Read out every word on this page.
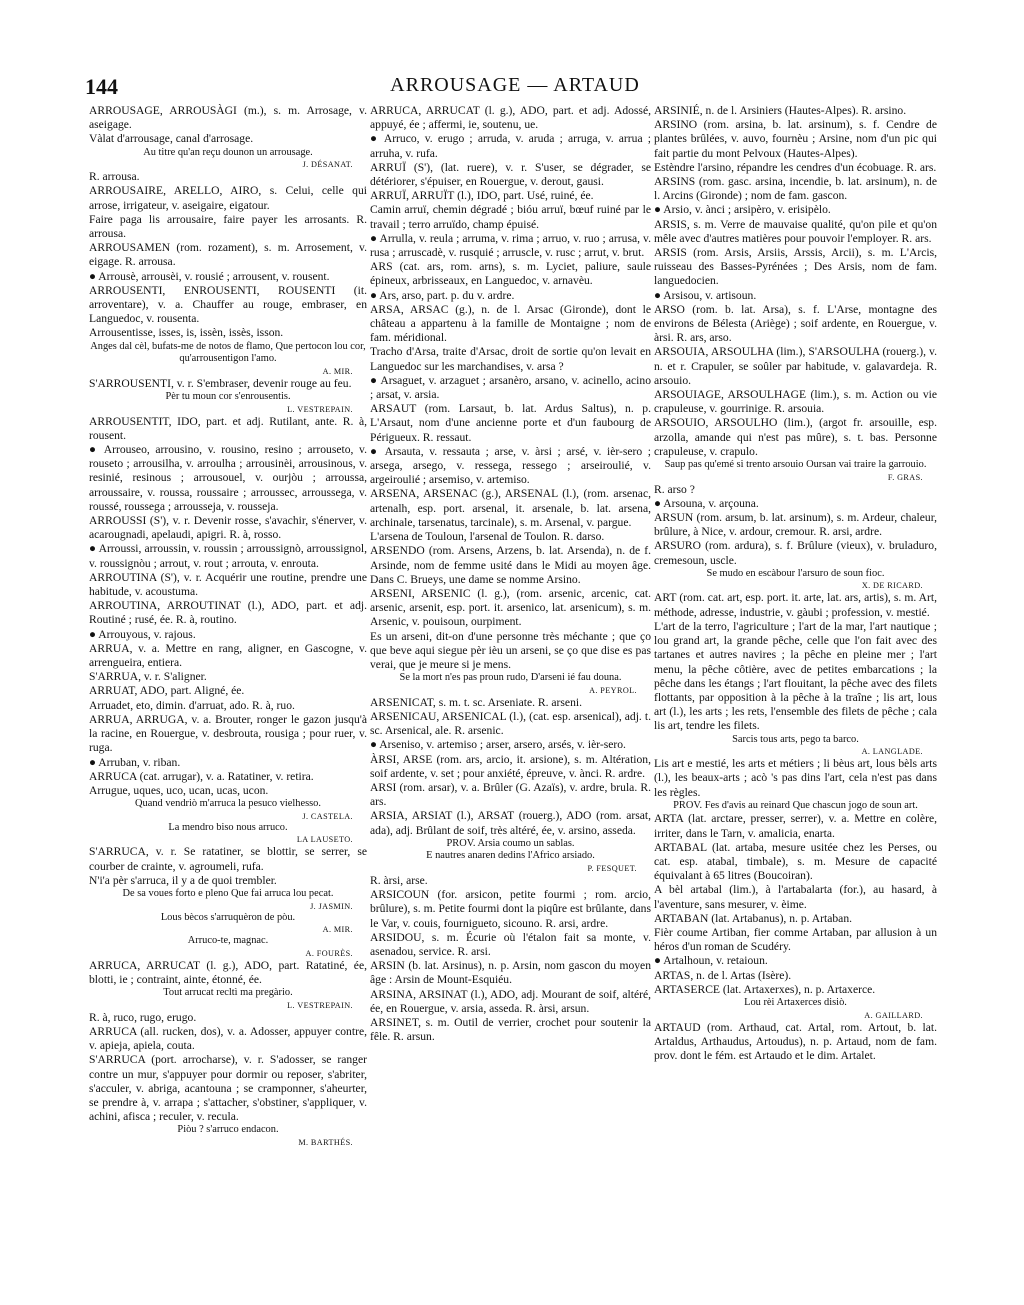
144	ARROUSAGE — ARTAUD

ARROUSAGE, ARROUSÀGI (m.), s. m. Arrosage, v. aseigage.

Vàlat d'arrousage, canal d'arrosage.

Au titre qu'an reçu dounon un arrousage.

J. DÉSANAT.

R. arrousa.

ARROUSAIRE, ARELLO, AIRO, s. Celui, celle qui arrose, irrigateur, v. aseigaire, eigatour.

Faire paga lis arrousaire, faire payer les arrosants. R. arrousa.

ARROUSAMEN (rom. rozament), s. m. Arrosement, v. eigage. R. arrousa.

● Arrousè, arrousèi, v. rousié ; arrousent, v. rousent.

ARROUSENTI, ENROUSENTI, ROUSENTI (it. arroventare), v. a. Chauffer au rouge, embraser, en Languedoc, v. rousenta.

Arrousentisse, isses, is, issèn, issès, isson.

Anges dal cèl, bufats-me de notos de flamo, Que pertocon lou cor, qu'arrousentigon l'amo.

A. MIR.

S'ARROUSENTI, v. r. S'embraser, devenir rouge au feu.

Pèr tu moun cor s'enrousentis.

L. VESTREPAIN.

ARROUSENTIT, IDO, part. et adj. Rutilant, ante. R. à, rousent.

● Arrouseo, arrousino, v. rousino, resino ; arrouseto, v. rouseto ; arrousilha, v. arroulha ; arrousinèi, arrousinous, v. resinié, resinous ; arrousouel, v. ourjòu ; arroussa, arroussaire, v. roussa, roussaire ; arroussec, arroussega, v. roussé, roussega ; arrousseja, v. rousseja.

ARROUSSI (S'), v. r. Devenir rosse, s'avachir, s'énerver, v. acarougnadi, apelaudi, apigri. R. à, rosso.

● Arroussi, arroussin, v. roussin ; arroussignò, arroussignol, v. roussignòu ; arrout, v. rout ; arrouta, v. enrouta.

ARROUTINA (S'), v. r. Acquérir une routine, prendre une habitude, v. acoustuma.

ARROUTINA, ARROUTINAT (l.), ADO, part. et adj. Routiné ; rusé, ée. R. à, routino.

● Arrouyous, v. rajous.

ARRUA, v. a. Mettre en rang, aligner, en Gascogne, v. arrengueira, entiera.

S'ARRUA, v. r. S'aligner.

ARRUAT, ADO, part. Aligné, ée.

Arruadet, eto, dimin. d'arruat, ado. R. à, ruo.

ARRUA, ARRUGA, v. a. Brouter, ronger le gazon jusqu'à la racine, en Rouergue, v. desbrouta, rousiga ; pour ruer, v. ruga.

● Arruban, v. riban.

ARRUCA (cat. arrugar), v. a. Ratatiner, v. retira.

Arrugue, uques, uco, ucan, ucas, ucon.

Quand vendriò m'arruca la pesuco vielhesso.

J. CASTELA.

La mendro biso nous arruco.

LA LAUSETO.

S'ARRUCA, v. r. Se ratatiner, se blottir, se serrer, se courber de crainte, v. agroumeli, rufa.

N'i'a pèr s'arruca, il y a de quoi trembler.

De sa voues forto e pleno Que fai arruca lou pecat.

J. JASMIN.

Lous bècos s'arruquèron de pòu.

A. MIR.

Arruco-te, magnac.

A. FOURÈS.

ARRUCA, ARRUCAT (l. g.), ADO, part. Ratatiné, ée, blotti, ie ; contraint, ainte, étonné, ée.

Tout arrucat recltì ma pregàrio.

L. VESTREPAIN.

R. à, ruco, rugo, erugo.

ARRUCA (all. rucken, dos), v. a. Adosser, appuyer contre, v. apieja, apiela, couta.

S'ARRUCA (port. arrocharse), v. r. S'adosser, se ranger contre un mur, s'appuyer pour dormir ou reposer, s'abriter, s'acculer, v. abriga, acantouna ; se cramponner, s'aheurter, se prendre à, v. arrapa ; s'attacher, s'obstiner, s'appliquer, v. achini, afisca ; reculer, v. recula.

Piòu ? s'arruco endacon.

M. BARTHÉS.

ARRUCA, ARRUCAT (l. g.), ADO, part. et adj. Adossé, appuyé, ée ; affermi, ie, soutenu, ue.

● Arruco, v. erugo ; arruda, v. aruda ; arruga, v. arrua ; arruha, v. rufa.

ARRUÏ (S'), (lat. ruere), v. r. S'user, se dégrader, se détériorer, s'épuiser, en Rouergue, v. derout, gausi.

ARRUÏ, ARRUÏT (l.), IDO, part. Usé, ruiné, ée.

Camin arruï, chemin dégradé ; bióu arruï, bœuf ruiné par le travail ; terro arruïdo, champ épuisé.

● Arrulla, v. reula ; arruma, v. rima ; arruo, v. ruo ; arrusa, v. rusa ; arruscadè, v. rusquié ; arruscle, v. rusc ; arrut, v. brut.

ARS (cat. ars, rom. arns), s. m. Lyciet, paliure, saule épineux, arbrisseaux, en Languedoc, v. arnavèu.

● Ars, arso, part. p. du v. ardre.

ARSA, ARSAC (g.), n. de l. Arsac (Gironde), dont le château a appartenu à la famille de Montaigne ; nom de fam. méridional.

Tracho d'Arsa, traite d'Arsac, droit de sortie qu'on levait en Languedoc sur les marchandises, v. arsa ?

● Arsaguet, v. arzaguet ; arsanèro, arsano, v. acinello, acino ; arsat, v. arsia.

ARSAUT (rom. Larsaut, b. lat. Ardus Saltus), n. p. L'Arsaut, nom d'une ancienne porte et d'un faubourg de Périgueux. R. ressaut.

● Arsauta, v. ressauta ; arse, v. àrsi ; arsé, v. ièr-sero ; arsega, arsego, v. ressega, ressego ; arseiroulié, v. argeiroulié ; arsemiso, v. artemiso.

ARSENA, ARSENAC (g.), ARSENAL (l.), (rom. arsenac, artenalh, esp. port. arsenal, it. arsenale, b. lat. arsena, archinale, tarsenatus, tarcinale), s. m. Arsenal, v. pargue.

L'arsena de Touloun, l'arsenal de Toulon. R. darso.

ARSENDO (rom. Arsens, Arzens, b. lat. Arsenda), n. de f. Arsinde, nom de femme usité dans le Midi au moyen âge. Dans C. Brueys, une dame se nomme Arsino.

ARSENI, ARSENIC (l. g.), (rom. arsenic, arcenic, cat. arsenic, arsenit, esp. port. it. arsenico, lat. arsenicum), s. m. Arsenic, v. pouisoun, ourpiment.

Es un arseni, dit-on d'une personne très méchante ; que ço que beve aqui siegue pèr ièu un arseni, se ço que dise es pas verai, que je meure si je mens.

Se la mort n'es pas proun rudo, D'arseni ié fau douna.

A. PEYROL.

ARSENICAT, s. m. t. sc. Arseniate. R. arseni.

ARSENICAU, ARSENICAL (l.), (cat. esp. arsenical), adj. t. sc. Arsenical, ale. R. arsenic.

● Arseniso, v. artemiso ; arser, arsero, arsés, v. ièr-sero.

ÀRSI, ARSE (rom. ars, arcio, it. arsione), s. m. Altération, soif ardente, v. set ; pour anxiété, épreuve, v. ànci. R. ardre.

ARSI (rom. arsar), v. a. Brûler (G. Azaïs), v. ardre, brula. R. ars.

ARSIA, ARSIAT (l.), ARSAT (rouerg.), ADO (rom. arsat, ada), adj. Brûlant de soif, très altéré, ée, v. arsino, asseda.

PROV. Arsia coumo un sablas.

E nautres anaren dedins l'Africo arsiado.

P. FESQUET.

R. àrsi, arse.

ARSICOUN (for. arsicon, petite fourmi ; rom. arcio, brûlure), s. m. Petite fourmi dont la piqûre est brûlante, dans le Var, v. couis, fournigueto, sicouno. R. arsi, ardre.

ARSIDOU, s. m. Écurie où l'étalon fait sa monte, v. asenadou, service. R. arsi.

ARSIN (b. lat. Arsinus), n. p. Arsin, nom gascon du moyen âge : Arsin de Mount-Esquiéu.

ARSINA, ARSINAT (l.), ADO, adj. Mourant de soif, altéré, ée, en Rouergue, v. arsia, asseda. R. àrsi, arsun.

ARSINET, s. m. Outil de verrier, crochet pour soutenir la fêle. R. arsun.

ARSINIÉ, n. de l. Arsiniers (Hautes-Alpes). R. arsino.

ARSINO (rom. arsina, b. lat. arsinum), s. f. Cendre de plantes brûlées, v. auvo, fournèu ; Arsine, nom d'un pic qui fait partie du mont Pelvoux (Hautes-Alpes).

Estèndre l'arsino, répandre les cendres d'un écobuage. R. ars.

ARSINS (rom. gasc. arsina, incendie, b. lat. arsinum), n. de l. Arcins (Gironde) ; nom de fam. gascon.

● Arsio, v. ànci ; arsipèro, v. erisipèlo.

ARSIS, s. m. Verre de mauvaise qualité, qu'on pile et qu'on mêle avec d'autres matières pour pouvoir l'employer. R. ars.

ARSIS (rom. Arsis, Arsiis, Arssis, Arcii), s. m. L'Arcis, ruisseau des Basses-Pyrénées ; Des Arsis, nom de fam. languedocien.

● Arsisou, v. artisoun.

ARSO (rom. b. lat. Arsa), s. f. L'Arse, montagne des environs de Bélesta (Ariège) ; soif ardente, en Rouergue, v. àrsi. R. ars, arso.

ARSOUIA, ARSOULHA (lim.), S'ARSOULHA (rouerg.), v. n. et r. Crapuler, se soûler par habitude, v. galavardeja. R. arsouio.

ARSOUIAGE, ARSOULHAGE (lim.), s. m. Action ou vie crapuleuse, v. gourrinige. R. arsouia.

ARSOUIO, ARSOULHO (lim.), (argot fr. arsouille, esp. arzolla, amande qui n'est pas mûre), s. t. bas. Personne crapuleuse, v. crapulo.

Saup pas qu'emé si trento arsouio Oursan vai traire la garrouio.

F. GRAS.

R. arso ?

● Arsouna, v. arçouna.

ARSUN (rom. arsum, b. lat. arsinum), s. m. Ardeur, chaleur, brûlure, à Nice, v. ardour, cremour. R. arsi, ardre.

ARSURO (rom. ardura), s. f. Brûlure (vieux), v. bruladuro, cremesoun, uscle.

Se mudo en escàbour l'arsuro de soun fioc.

X. DE RICARD.

ART (rom. cat. art, esp. port. it. arte, lat. ars, artis), s. m. Art, méthode, adresse, industrie, v. gàubi ; profession, v. mestié.

L'art de la terro, l'agriculture ; l'art de la mar, l'art nautique ; lou grand art, la grande pêche, celle que l'on fait avec des tartanes et autres navires ; la pêche en pleine mer ; l'art menu, la pêche côtière, avec de petites embarcations ; la pêche dans les étangs ; l'art flouitant, la pêche avec des filets flottants, par opposition à la pêche à la traîne ; lis art, lous art (l.), les arts ; les rets, l'ensemble des filets de pêche ; cala lis art, tendre les filets.

Sarcis tous arts, pego ta barco.

A. LANGLADE.

Lis art e mestié, les arts et métiers ; li bèus art, lous bèls arts (l.), les beaux-arts ; acò 's pas dins l'art, cela n'est pas dans les règles.

PROV. Fes d'avis au reinard Que chascun jogo de soun art.

ARTA (lat. arctare, presser, serrer), v. a. Mettre en colère, irriter, dans le Tarn, v. amalicia, enarta.

ARTABAL (lat. artaba, mesure usitée chez les Perses, ou cat. esp. atabal, timbale), s. m. Mesure de capacité équivalant à 65 litres (Boucoiran).

A bèl artabal (lim.), à l'artabalarta (for.), au hasard, à l'aventure, sans mesurer, v. èime.

ARTABAN (lat. Artabanus), n. p. Artaban.

Fièr coume Artiban, fier comme Artaban, par allusion à un héros d'un roman de Scudéry.

● Artalhoun, v. retaioun.

ARTAS, n. de l. Artas (Isère).

ARTASERCE (lat. Artaxerxes), n. p. Artaxerce.

Lou rèi Artaxerces disiò.

A. GAILLARD.

ARTAUD (rom. Arthaud, cat. Artal, rom. Artout, b. lat. Artaldus, Arthaudus, Artoudus), n. p. Artaud, nom de fam. prov. dont le fém. est Artaudo et le dim. Artalet.
